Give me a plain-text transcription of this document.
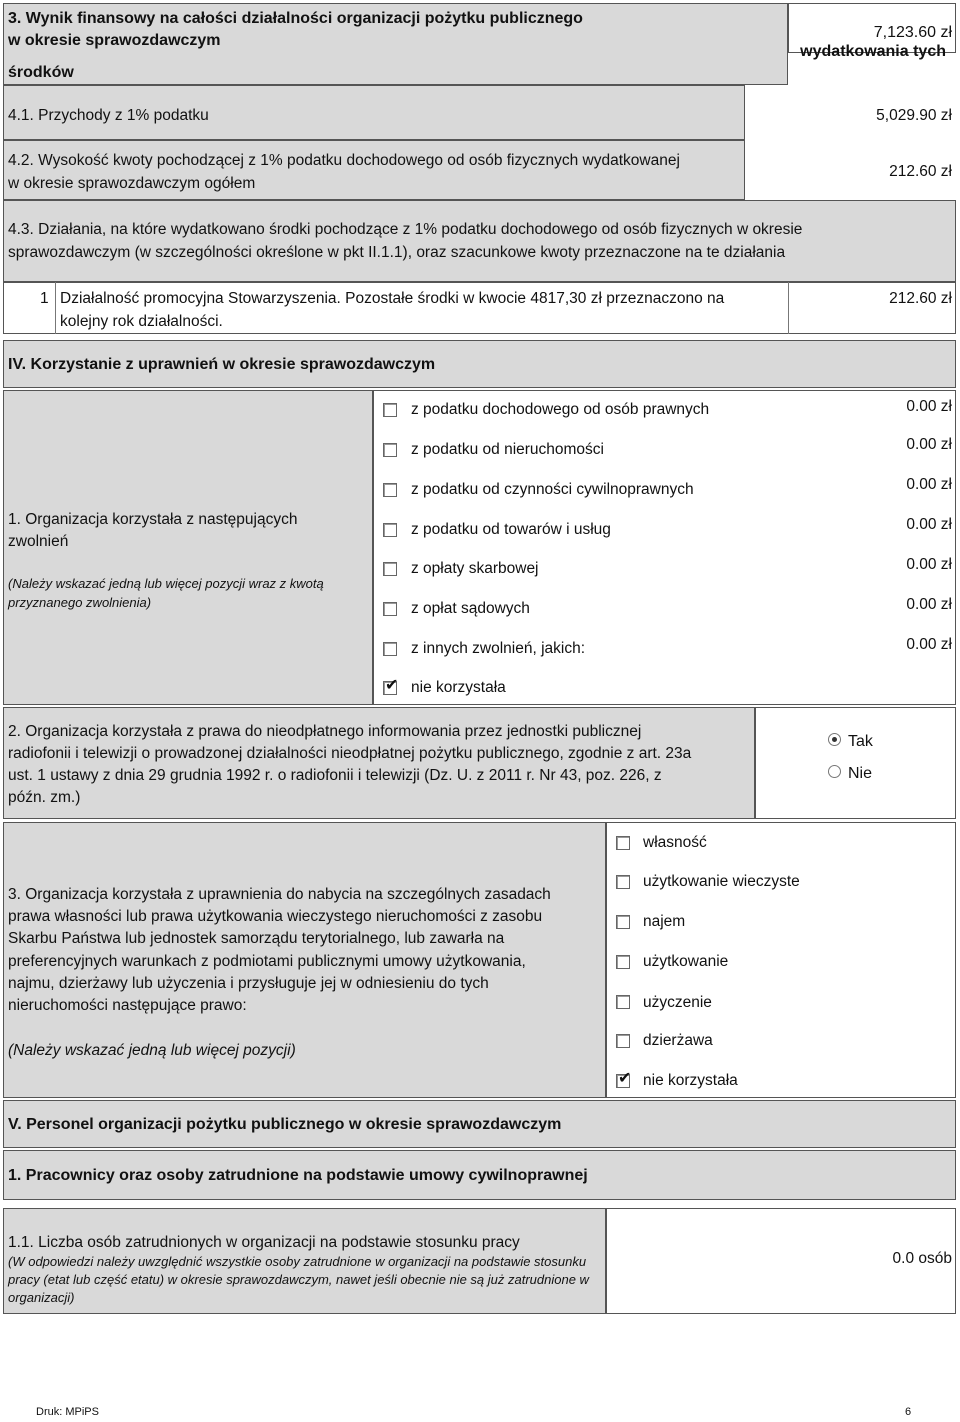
3. Wynik finansowy na całości działalności organizacji pożytku publicznego
w okresie sprawozdawczym	7,123.60 zł
wydatkowania tych
środków
4.1. Przychody z 1% podatku	5,029.90 zł
4.2. Wysokość kwoty pochodzącej z 1% podatku dochodowego od osób fizycznych wydatkowanej
w okresie sprawozdawczym ogółem
212.60 zł
4.3. Działania, na które wydatkowano środki pochodzące z 1% podatku dochodowego od osób fizycznych w okresie
sprawozdawczym (w szczególności określone w pkt II.1.1), oraz szacunkowe kwoty przeznaczone na te działania
1 Działalność promocyjna Stowarzyszenia. Pozostałe środki w kwocie 4817,30 zł przeznaczono na
kolejny rok działalności.
212.60 zł
IV. Korzystanie z uprawnień w okresie sprawozdawczym
1. Organizacja korzystała z następujących
zwolnień
(Należy wskazać jedną lub więcej pozycji wraz z kwotą
przyznanego zwolnienia)
z podatku dochodowego od osób prawnych	0.00 zł
z podatku od nieruchomości	0.00 zł
z podatku od czynności cywilnoprawnych	0.00 zł
z podatku od towarów i usług	0.00 zł
z opłaty skarbowej	0.00 zł
z opłat sądowych	0.00 zł
z innych zwolnień, jakich:	0.00 zł
✔ nie korzystała
2. Organizacja korzystała z prawa do nieodpłatnego informowania przez jednostki publicznej
radiofonii i telewizji o prowadzonej działalności nieodpłatnej pożytku publicznego, zgodnie z art. 23a
ust. 1 ustawy z dnia 29 grudnia 1992 r. o radiofonii i telewizji (Dz. U. z 2011 r. Nr 43, poz. 226, z
późn. zm.)
Tak
Nie
3. Organizacja korzystała z uprawnienia do nabycia na szczególnych zasadach
prawa własności lub prawa użytkowania wieczystego nieruchomości z zasobu
Skarbu Państwa lub jednostek samorządu terytorialnego, lub zawarła na
preferencyjnych warunkach z podmiotami publicznymi umowy użytkowania,
najmu, dzierżawy lub użyczenia i przysługuje jej w odniesieniu do tych
nieruchomości następujące prawo:
(Należy wskazać jedną lub więcej pozycji)
własność
użytkowanie wieczyste
najem
użytkowanie
użyczenie
dzierżawa
✔ nie korzystała
V. Personel organizacji pożytku publicznego w okresie sprawozdawczym
1. Pracownicy oraz osoby zatrudnione na podstawie umowy cywilnoprawnej
1.1. Liczba osób zatrudnionych w organizacji na podstawie stosunku pracy
(W odpowiedzi należy uwzględnić wszystkie osoby zatrudnione w organizacji na podstawie stosunku
pracy (etat lub część etatu) w okresie sprawozdawczym, nawet jeśli obecnie nie są już zatrudnione w
organizacji)
0.0 osób
Druk: MPiPS	6
